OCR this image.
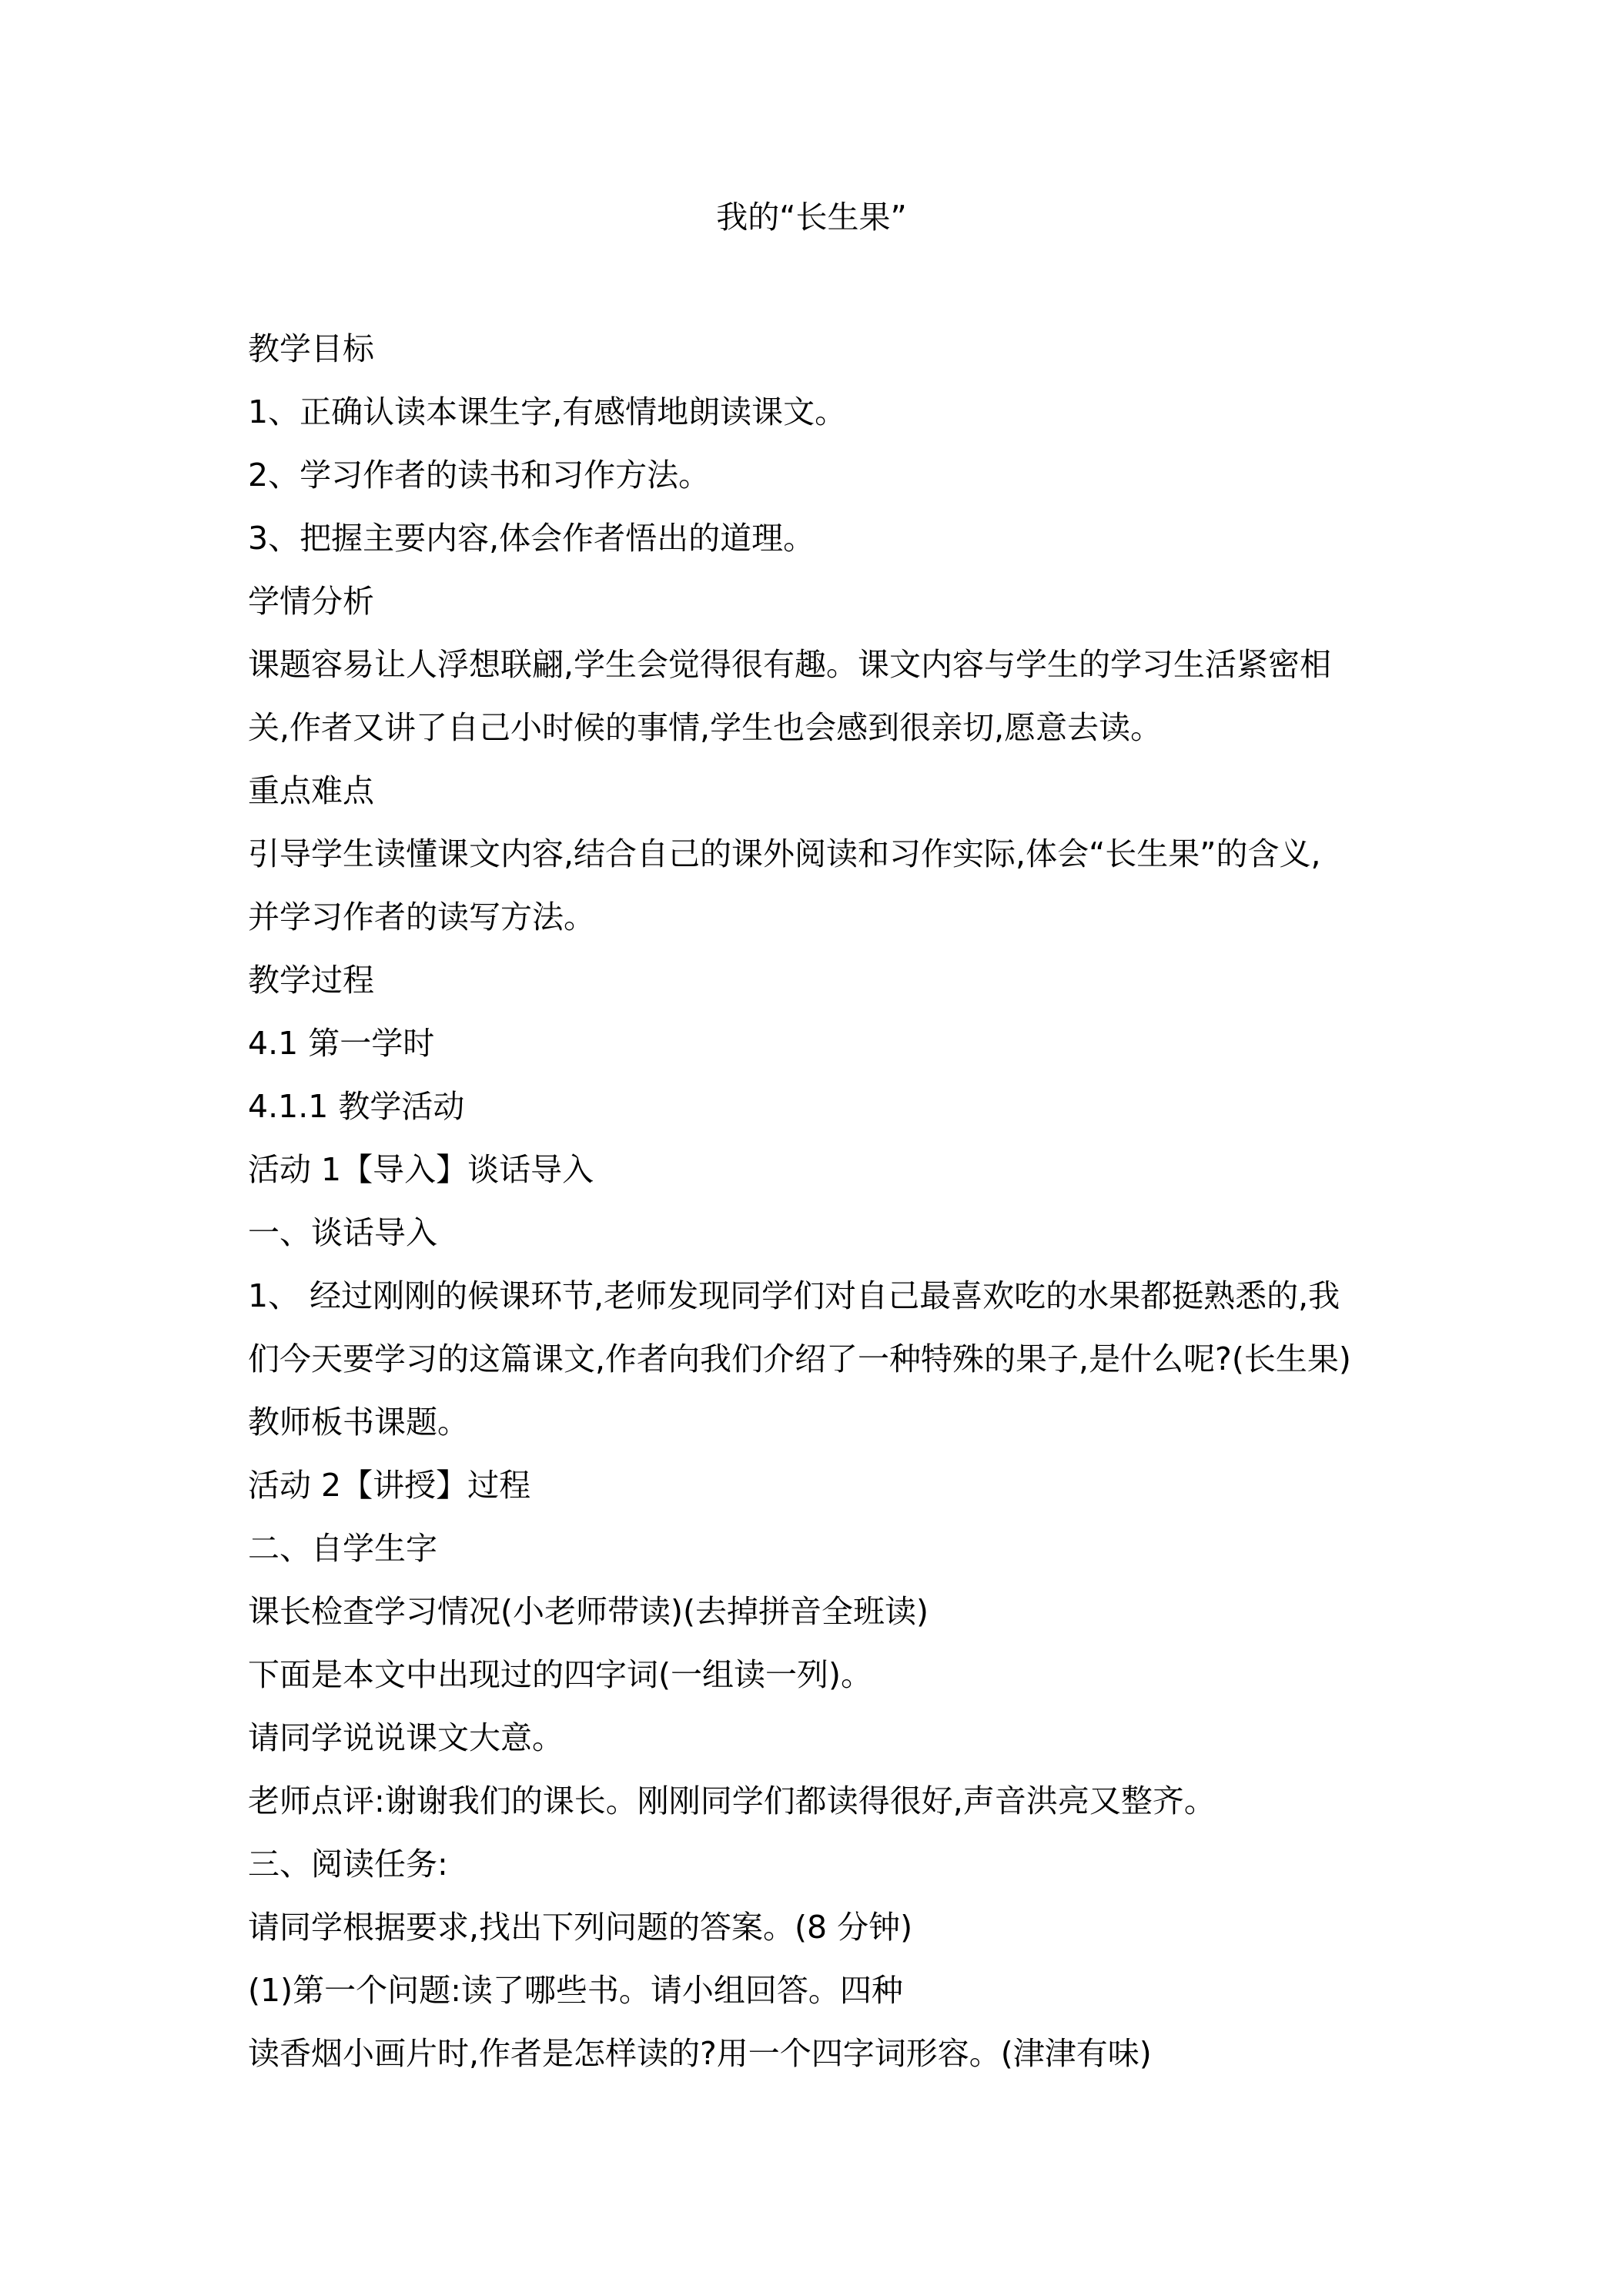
我的“长生果”
教学目标
1、正确认读本课生字,有感情地朗读课文。
2、学习作者的读书和习作方法。
3、把握主要内容,体会作者悟出的道理。
学情分析
课题容易让人浮想联翩,学生会觉得很有趣。课文内容与学生的学习生活紧密相
关,作者又讲了自己小时候的事情,学生也会感到很亲切,愿意去读。
重点难点
引导学生读懂课文内容,结合自己的课外阅读和习作实际,体会“长生果”的含义,
并学习作者的读写方法。
教学过程
4.1 第一学时
4.1.1 教学活动
活动 1【导入】谈话导入
一、谈话导入
1、 经过刚刚的候课环节,老师发现同学们对自己最喜欢吃的水果都挺熟悉的,我
们今天要学习的这篇课文,作者向我们介绍了一种特殊的果子,是什么呢?(长生果)
教师板书课题。
活动 2【讲授】过程
二、自学生字
课长检查学习情况(小老师带读)(去掉拼音全班读)
下面是本文中出现过的四字词(一组读一列)。
请同学说说课文大意。
老师点评:谢谢我们的课长。刚刚同学们都读得很好,声音洪亮又整齐。
三、阅读任务:
请同学根据要求,找出下列问题的答案。(8 分钟)
(1)第一个问题:读了哪些书。请小组回答。四种
读香烟小画片时,作者是怎样读的?用一个四字词形容。(津津有味)
